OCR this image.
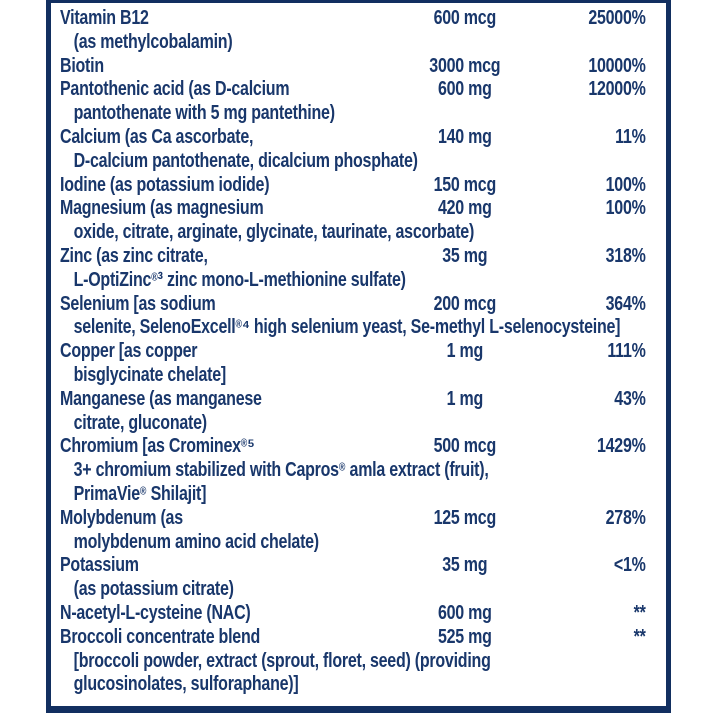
Vitamin B12	600 mcg	25000%
(as methylcobalamin)
Biotin	3000 mcg	10000%
Pantothenic acid (as D-calcium	600 mg	12000%
pantothenate with 5 mg pantethine)
Calcium (as Ca ascorbate,	140 mg	11%
D-calcium pantothenate, dicalcium phosphate)
Iodine (as potassium iodide)	150 mcg	100%
Magnesium (as magnesium	420 mg	100%
oxide, citrate, arginate, glycinate, taurinate, ascorbate)
Zinc (as zinc citrate,	35 mg	318%
L-OptiZinc®³ zinc mono-L-methionine sulfate)
Selenium [as sodium	200 mcg	364%
selenite, SelenoExcell®⁴ high selenium yeast, Se-methyl L-selenocysteine]
Copper [as copper	1 mg	111%
bisglycinate chelate]
Manganese (as manganese	1 mg	43%
citrate, gluconate)
Chromium [as Crominex®⁵	500 mcg	1429%
3+ chromium stabilized with Capros® amla extract (fruit),
PrimaVie® Shilajit]
Molybdenum (as	125 mcg	278%
molybdenum amino acid chelate)
Potassium	35 mg	<1%
(as potassium citrate)
N-acetyl-L-cysteine (NAC)	600 mg	**
Broccoli concentrate blend	525 mg	**
[broccoli powder, extract (sprout, floret, seed) (providing
glucosinolates, sulforaphane)]
